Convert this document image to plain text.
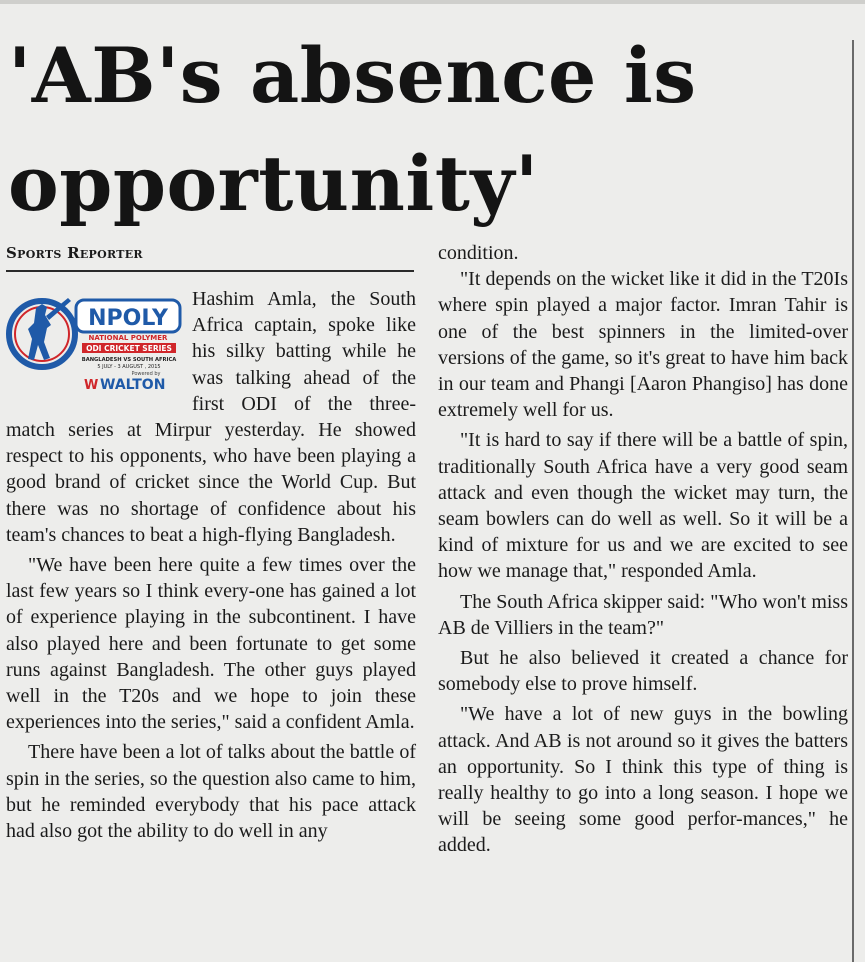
'AB's absence is
opportunity'
Sports Reporter
NPOLY
NATIONAL POLYMER
ODI CRICKET SERIES
BANGLADESH VS SOUTH AFRICA
5 JULY - 3 AUGUST , 2015
Powered by
W WALTON

Hashim Amla, the South Africa captain, spoke like his silky batting while he was talking ahead of the first ODI of the three-match series at Mirpur yesterday. He showed respect to his opponents, who have been playing a good brand of cricket since the World Cup. But there was no shortage of confidence about his team's chances to beat a high-flying Bangladesh.

"We have been here quite a few times over the last few years so I think every-one has gained a lot of experience playing in the subcontinent. I have also played here and been fortunate to get some runs against Bangladesh. The other guys played well in the T20s and we hope to join these experiences into the series," said a confident Amla.

There have been a lot of talks about the battle of spin in the series, so the question also came to him, but he reminded everybody that his pace attack had also got the ability to do well in any

condition.

"It depends on the wicket like it did in the T20Is where spin played a major factor. Imran Tahir is one of the best spinners in the limited-over versions of the game, so it's great to have him back in our team and Phangi [Aaron Phangiso] has done extremely well for us.

"It is hard to say if there will be a battle of spin, traditionally South Africa have a very good seam attack and even though the wicket may turn, the seam bowlers can do well as well. So it will be a kind of mixture for us and we are excited to see how we manage that," responded Amla.

The South Africa skipper said: "Who won't miss AB de Villiers in the team?"

But he also believed it created a chance for somebody else to prove himself.

"We have a lot of new guys in the bowling attack. And AB is not around so it gives the batters an opportunity. So I think this type of thing is really healthy to go into a long season. I hope we will be seeing some good perfor-mances," he added.
